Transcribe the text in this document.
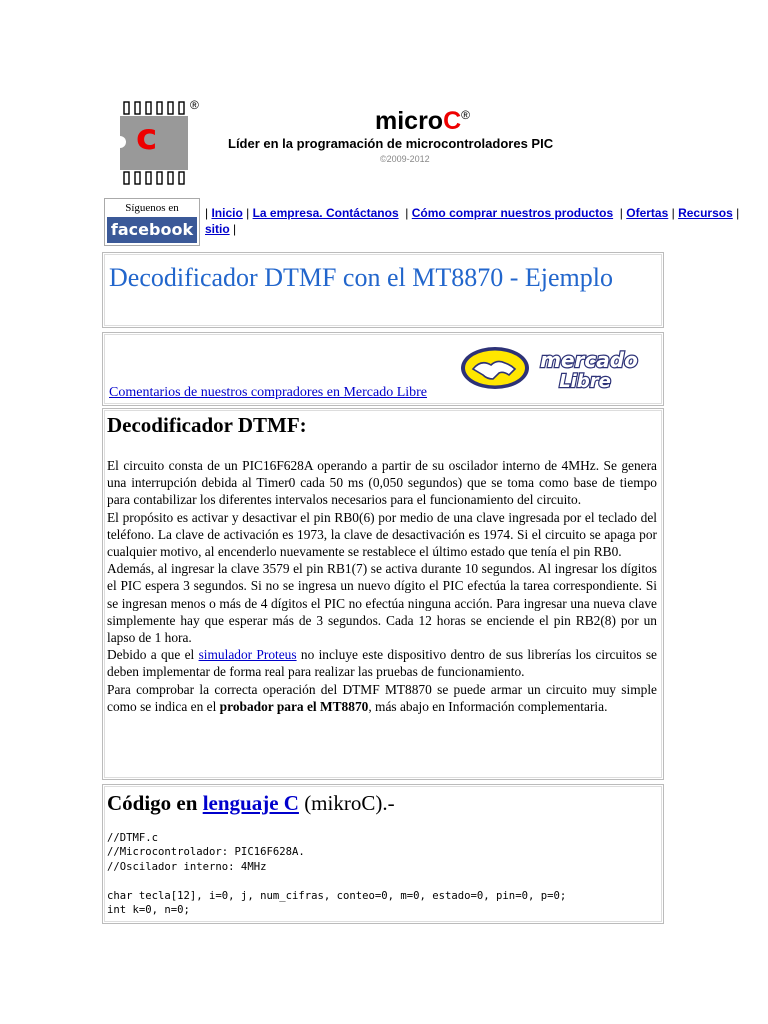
c
®
microC®
Líder en la programación de microcontroladores PIC
©2009-2012
Síguenos en
facebook
| Inicio | La empresa. Contáctanos  | Cómo comprar nuestros productos  | Ofertas | Recursos |
sitio |
Decodificador DTMF con el MT8870 - Ejemplo
mercado
Libre
Comentarios de nuestros compradores en Mercado Libre
Decodificador DTMF:
El circuito consta de un PIC16F628A operando a partir de su oscilador interno de 4MHz. Se genera una interrupción debida al Timer0 cada 50 ms (0,050 segundos) que se toma como base de tiempo para contabilizar los diferentes intervalos necesarios para el funcionamiento del circuito.
El propósito es activar y desactivar el pin RB0(6) por medio de una clave ingresada por el teclado del teléfono. La clave de activación es 1973, la clave de desactivación es 1974. Si el circuito se apaga por cualquier motivo, al encenderlo nuevamente se restablece el último estado que tenía el pin RB0.
Además, al ingresar la clave 3579 el pin RB1(7) se activa durante 10 segundos. Al ingresar los dígitos el PIC espera 3 segundos. Si no se ingresa un nuevo dígito el PIC efectúa la tarea correspondiente. Si se ingresan menos o más de 4 dígitos el PIC no efectúa ninguna acción. Para ingresar una nueva clave simplemente hay que esperar más de 3 segundos. Cada 12 horas se enciende el pin RB2(8) por un lapso de 1 hora.
Debido a que el simulador Proteus no incluye este dispositivo dentro de sus librerías los circuitos se deben implementar de forma real para realizar las pruebas de funcionamiento.
Para comprobar la correcta operación del DTMF MT8870 se puede armar un circuito muy simple como se indica en el probador para el MT8870, más abajo en Información complementaria.
Código en lenguaje C (mikroC).-
//DTMF.c
//Microcontrolador: PIC16F628A.
//Oscilador interno: 4MHz

char tecla[12], i=0, j, num_cifras, conteo=0, m=0, estado=0, pin=0, p=0;
int k=0, n=0;
